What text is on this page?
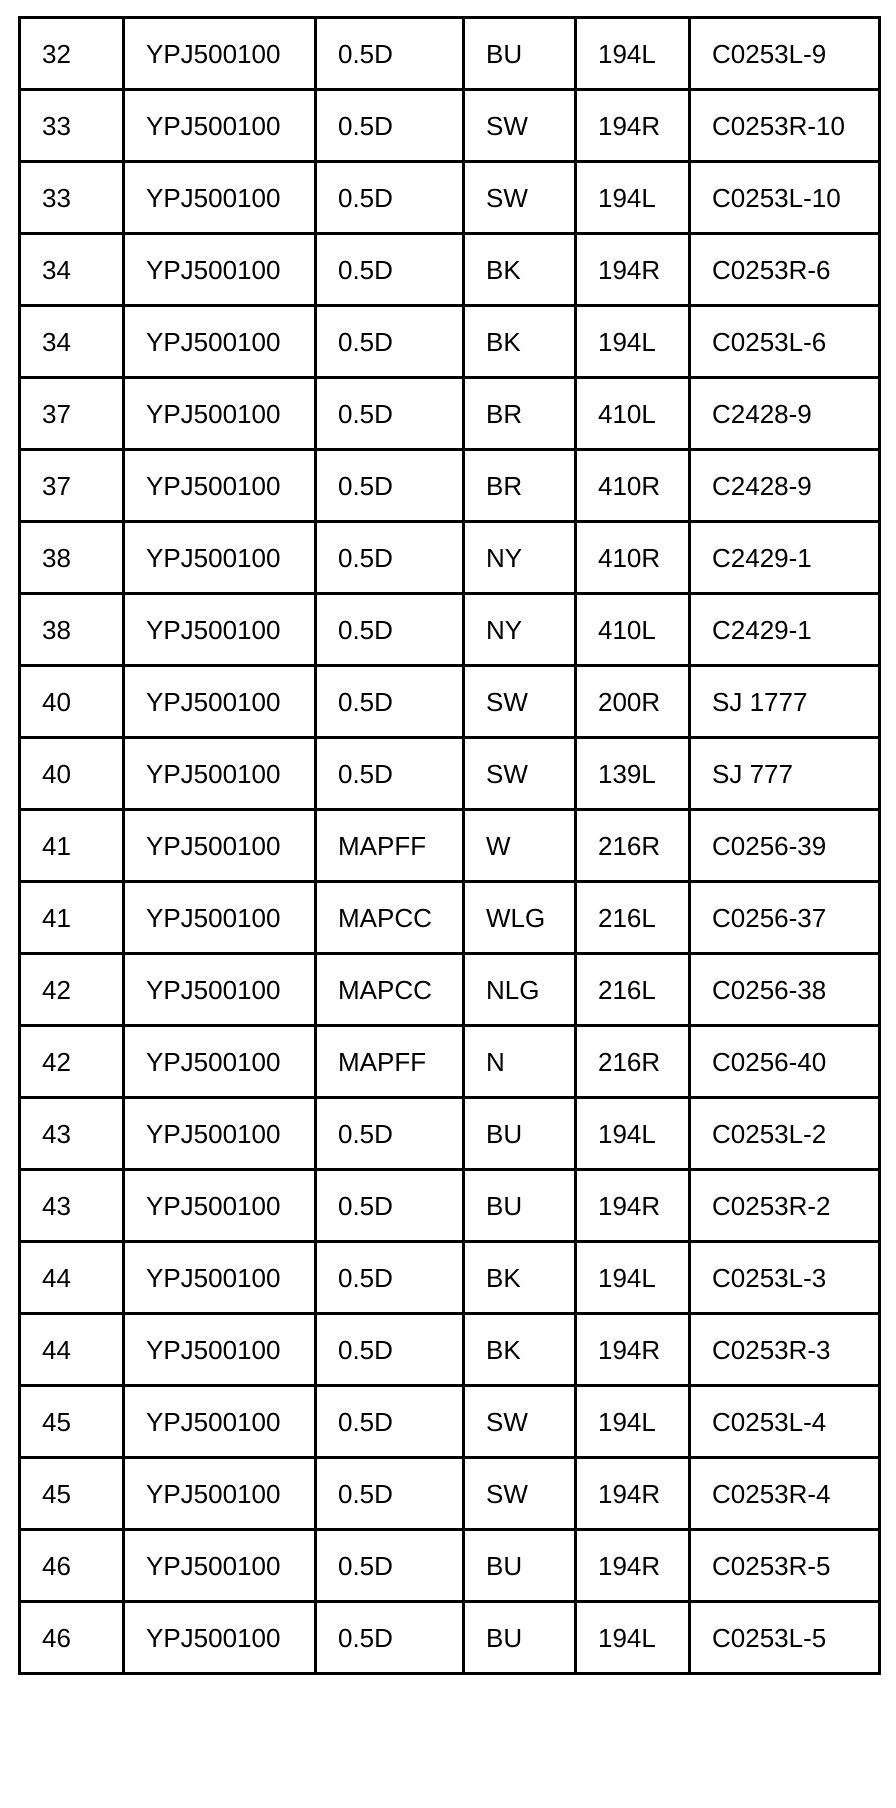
32	YPJ500100	0.5D	BU	194L	C0253L-9
33	YPJ500100	0.5D	SW	194R	C0253R-10
33	YPJ500100	0.5D	SW	194L	C0253L-10
34	YPJ500100	0.5D	BK	194R	C0253R-6
34	YPJ500100	0.5D	BK	194L	C0253L-6
37	YPJ500100	0.5D	BR	410L	C2428-9
37	YPJ500100	0.5D	BR	410R	C2428-9
38	YPJ500100	0.5D	NY	410R	C2429-1
38	YPJ500100	0.5D	NY	410L	C2429-1
40	YPJ500100	0.5D	SW	200R	SJ 1777
40	YPJ500100	0.5D	SW	139L	SJ 777
41	YPJ500100	MAPFF	W	216R	C0256-39
41	YPJ500100	MAPCC	WLG	216L	C0256-37
42	YPJ500100	MAPCC	NLG	216L	C0256-38
42	YPJ500100	MAPFF	N	216R	C0256-40
43	YPJ500100	0.5D	BU	194L	C0253L-2
43	YPJ500100	0.5D	BU	194R	C0253R-2
44	YPJ500100	0.5D	BK	194L	C0253L-3
44	YPJ500100	0.5D	BK	194R	C0253R-3
45	YPJ500100	0.5D	SW	194L	C0253L-4
45	YPJ500100	0.5D	SW	194R	C0253R-4
46	YPJ500100	0.5D	BU	194R	C0253R-5
46	YPJ500100	0.5D	BU	194L	C0253L-5
